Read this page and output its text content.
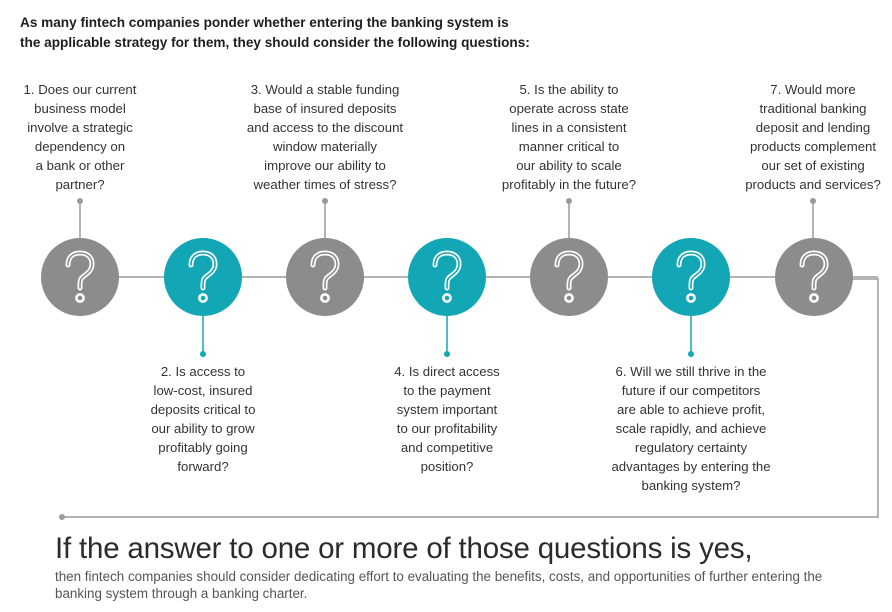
As many fintech companies ponder whether entering the banking system is
the applicable strategy for them, they should consider the following questions:
1. Does our current
business model
involve a strategic
dependency on
a bank or other
partner?
2. Is access to
low-cost, insured
deposits critical to
our ability to grow
profitably going
forward?
3. Would a stable funding
base of insured deposits
and access to the discount
window materially
improve our ability to
weather times of stress?
4. Is direct access
to the payment
system important
to our profitability
and competitive
position?
5. Is the ability to
operate across state
lines in a consistent
manner critical to
our ability to scale
profitably in the future?
6. Will we still thrive in the
future if our competitors
are able to achieve profit,
scale rapidly, and achieve
regulatory certainty
advantages by entering the
banking system?
7. Would more
traditional banking
deposit and lending
products complement
our set of existing
products and services?
If the answer to one or more of those questions is yes,
then fintech companies should consider dedicating effort to evaluating the benefits, costs, and opportunities of further entering the
banking system through a banking charter.
